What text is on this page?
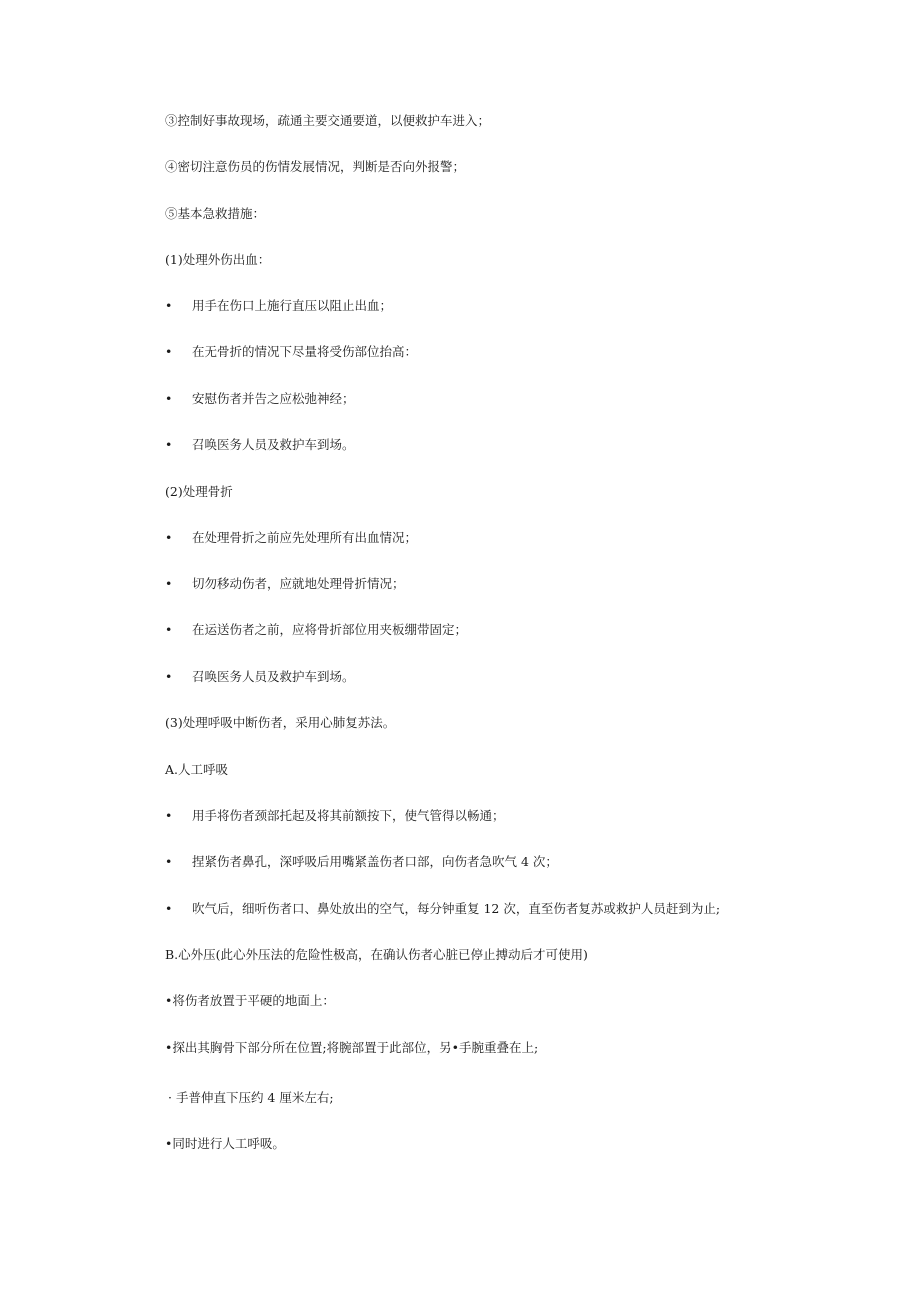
③控制好事故现场，疏通主要交通要道，以便救护车进入；
④密切注意伤员的伤情发展情况，判断是否向外报警；
⑤基本急救措施：
(1)处理外伤出血：
• 用手在伤口上施行直压以阻止出血；
• 在无骨折的情况下尽量将受伤部位抬高：
• 安慰伤者并告之应松弛神经；
• 召唤医务人员及救护车到场。
(2)处理骨折
• 在处理骨折之前应先处理所有出血情况；
• 切勿移动伤者，应就地处理骨折情况；
• 在运送伤者之前，应将骨折部位用夹板绷带固定；
• 召唤医务人员及救护车到场。
(3)处理呼吸中断伤者，采用心肺复苏法。
A.人工呼吸
• 用手将伤者颈部托起及将其前额按下，使气管得以畅通；
• 捏紧伤者鼻孔，深呼吸后用嘴紧盖伤者口部，向伤者急吹气 4 次；
• 吹气后，细听伤者口、鼻处放出的空气，每分钟重复 12 次，直至伤者复苏或救护人员赶到为止;
B.心外压(此心外压法的危险性极高，在确认伤者心脏已停止搏动后才可使用)
•将伤者放置于平硬的地面上：
•探出其胸骨下部分所在位置;将腕部置于此部位，另•手腕重叠在上;
· 手普伸直下压约 4 厘米左右;
•同时进行人工呼吸。
